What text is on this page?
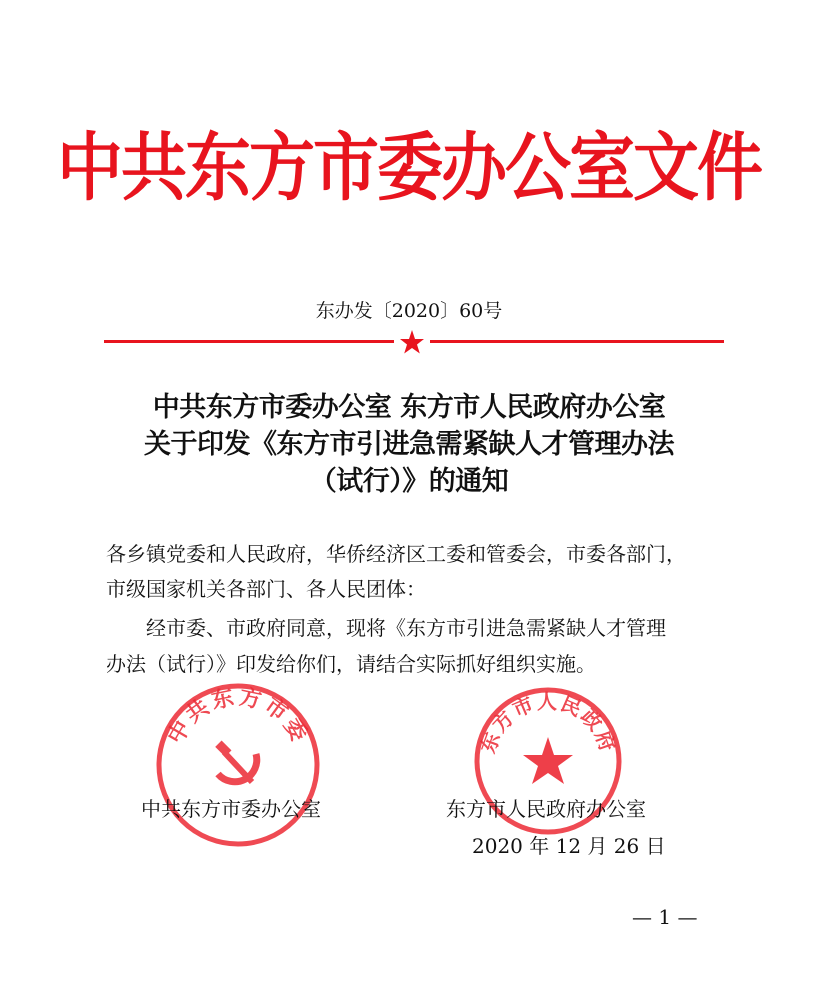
中共东方市委办公室文件
东办发〔2020〕60号
中共东方市委办公室 东方市人民政府办公室
关于印发《东方市引进急需紧缺人才管理办法
（试行）》的通知
各乡镇党委和人民政府，华侨经济区工委和管委会，市委各部门，
市级国家机关各部门、各人民团体：
经市委、市政府同意，现将《东方市引进急需紧缺人才管理
办法（试行）》印发给你们，请结合实际抓好组织实施。
中共东方市委	东方市人民政府
中共东方市委办公室	东方市人民政府办公室
2020 年 12 月 26 日
— 1 —
